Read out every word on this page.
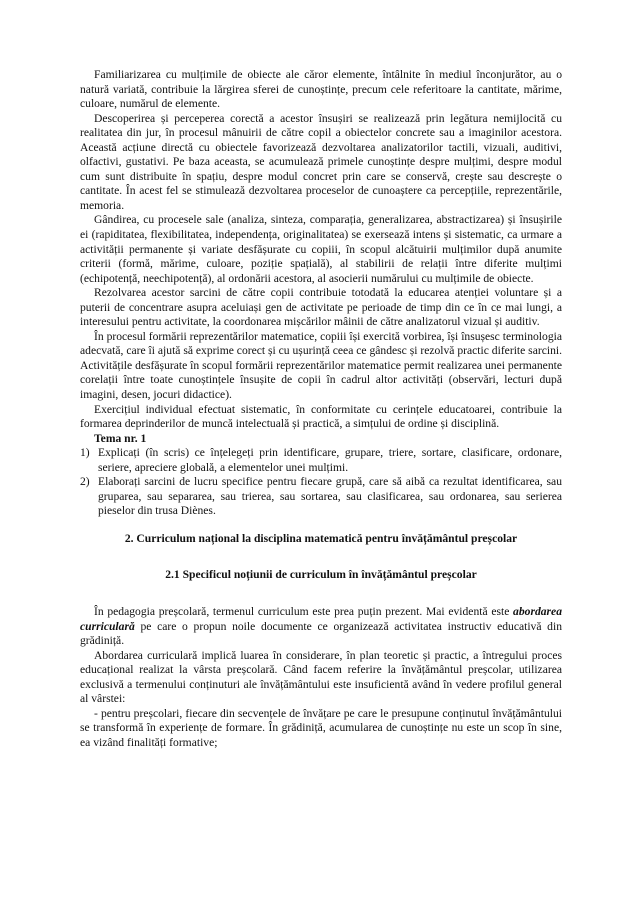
Familiarizarea cu mulțimile de obiecte ale căror elemente, întâlnite în mediul înconjurător, au o natură variată, contribuie la lărgirea sferei de cunoștințe, precum cele referitoare la cantitate, mărime, culoare, numărul de elemente.

Descoperirea și perceperea corectă a acestor însușiri se realizează prin legătura nemijlocită cu realitatea din jur, în procesul mânuirii de către copil a obiectelor concrete sau a imaginilor acestora. Această acțiune directă cu obiectele favorizează dezvoltarea analizatorilor tactili, vizuali, auditivi, olfactivi, gustativi. Pe baza aceasta, se acumulează primele cunoștințe despre mulțimi, despre modul cum sunt distribuite în spațiu, despre modul concret prin care se conservă, crește sau descrește o cantitate. În acest fel se stimulează dezvoltarea proceselor de cunoaștere ca percepțiile, reprezentările, memoria.

Gândirea, cu procesele sale (analiza, sinteza, comparația, generalizarea, abstractizarea) și însușirile ei (rapiditatea, flexibilitatea, independența, originalitatea) se exersează intens și sistematic, ca urmare a activității permanente și variate desfășurate cu copiii, în scopul alcătuirii mulțimilor după anumite criterii (formă, mărime, culoare, poziție spațială), al stabilirii de relații între diferite mulțimi (echipotență, neechipotență), al ordonării acestora, al asocierii numărului cu mulțimile de obiecte.

Rezolvarea acestor sarcini de către copii contribuie totodată la educarea atenției voluntare și a puterii de concentrare asupra aceluiași gen de activitate pe perioade de timp din ce în ce mai lungi, a interesului pentru activitate, la coordonarea mișcărilor mâinii de către analizatorul vizual și auditiv.

În procesul formării reprezentărilor matematice, copiii își exercită vorbirea, își însușesc terminologia adecvată, care îi ajută să exprime corect și cu ușurință ceea ce gândesc și rezolvă practic diferite sarcini. Activitățile desfășurate în scopul formării reprezentărilor matematice permit realizarea unei permanente corelații între toate cunoștințele însușite de copii în cadrul altor activități (observări, lecturi după imagini, desen, jocuri didactice).

Exercițiul individual efectuat sistematic, în conformitate cu cerințele educatoarei, contribuie la formarea deprinderilor de muncă intelectuală și practică, a simțului de ordine și disciplină.

Tema nr. 1

1) Explicați (în scris) ce înțelegeți prin identificare, grupare, triere, sortare, clasificare, ordonare, seriere, apreciere globală, a elementelor unei mulțimi.
2) Elaborați sarcini de lucru specifice pentru fiecare grupă, care să aibă ca rezultat identificarea, sau gruparea, sau separarea, sau trierea, sau sortarea, sau clasificarea, sau ordonarea, sau serierea pieselor din trusa Diènes.
2. Curriculum național la disciplina matematică pentru învățământul preșcolar
2.1 Specificul noțiunii de curriculum în învățământul preșcolar

În pedagogia preșcolară, termenul curriculum este prea puțin prezent. Mai evidentă este abordarea curriculară pe care o propun noile documente ce organizează activitatea instructiv educativă din grădiniță.

Abordarea curriculară implică luarea în considerare, în plan teoretic și practic, a întregului proces educațional realizat la vârsta preșcolară. Când facem referire la învățământul preșcolar, utilizarea exclusivă a termenului conținuturi ale învățământului este insuficientă având în vedere profilul general al vârstei:

- pentru preșcolari, fiecare din secvențele de învățare pe care le presupune conținutul învățământului se transformă în experiențe de formare. În grădiniță, acumularea de cunoștințe nu este un scop în sine, ea vizând finalități formative;
